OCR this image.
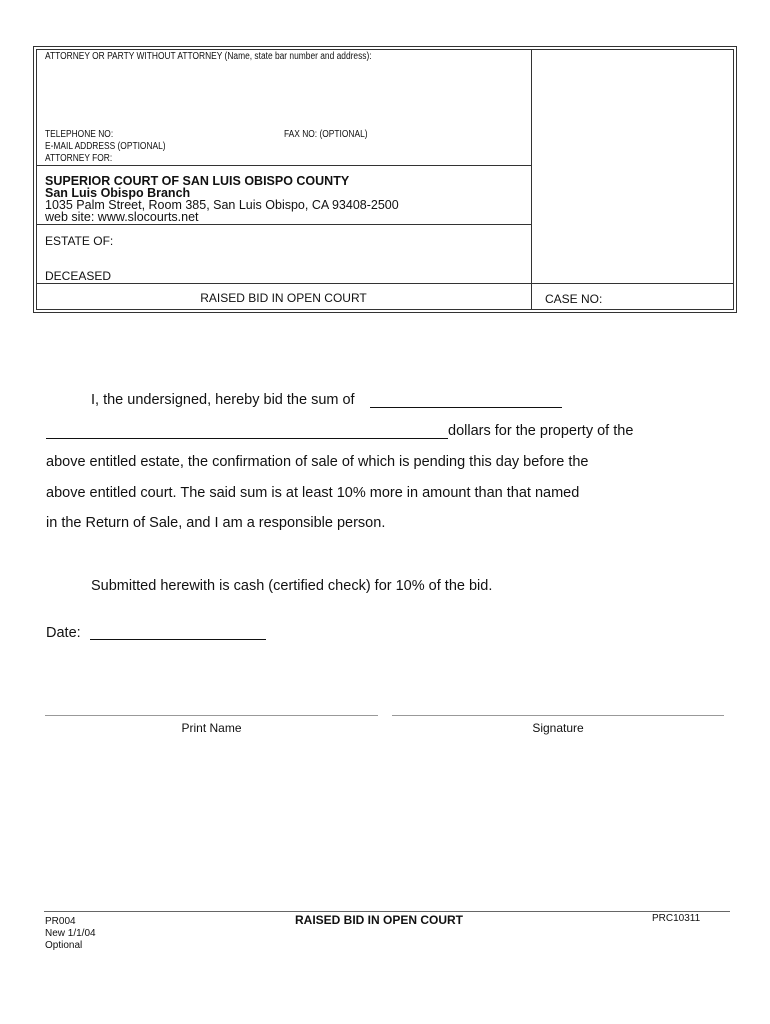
ATTORNEY OR PARTY WITHOUT ATTORNEY (Name, state bar number and address):
TELEPHONE NO:	FAX NO: (OPTIONAL)
E-MAIL ADDRESS (OPTIONAL)
ATTORNEY FOR:
SUPERIOR COURT OF SAN LUIS OBISPO COUNTY
San Luis Obispo Branch
1035 Palm Street, Room 385, San Luis Obispo, CA 93408-2500
web site: www.slocourts.net
ESTATE OF:
DECEASED
RAISED BID IN OPEN COURT	CASE NO:
I, the undersigned, hereby bid the sum of
dollars for the property of the
above entitled estate, the confirmation of sale of which is pending this day before the
above entitled court. The said sum is at least 10% more in amount than that named
in the Return of Sale, and I am a responsible person.
Submitted herewith is cash (certified check) for 10% of the bid.
Date:
Print Name	Signature
PR004
New 1/1/04
Optional
RAISED BID IN OPEN COURT	PRC10311
